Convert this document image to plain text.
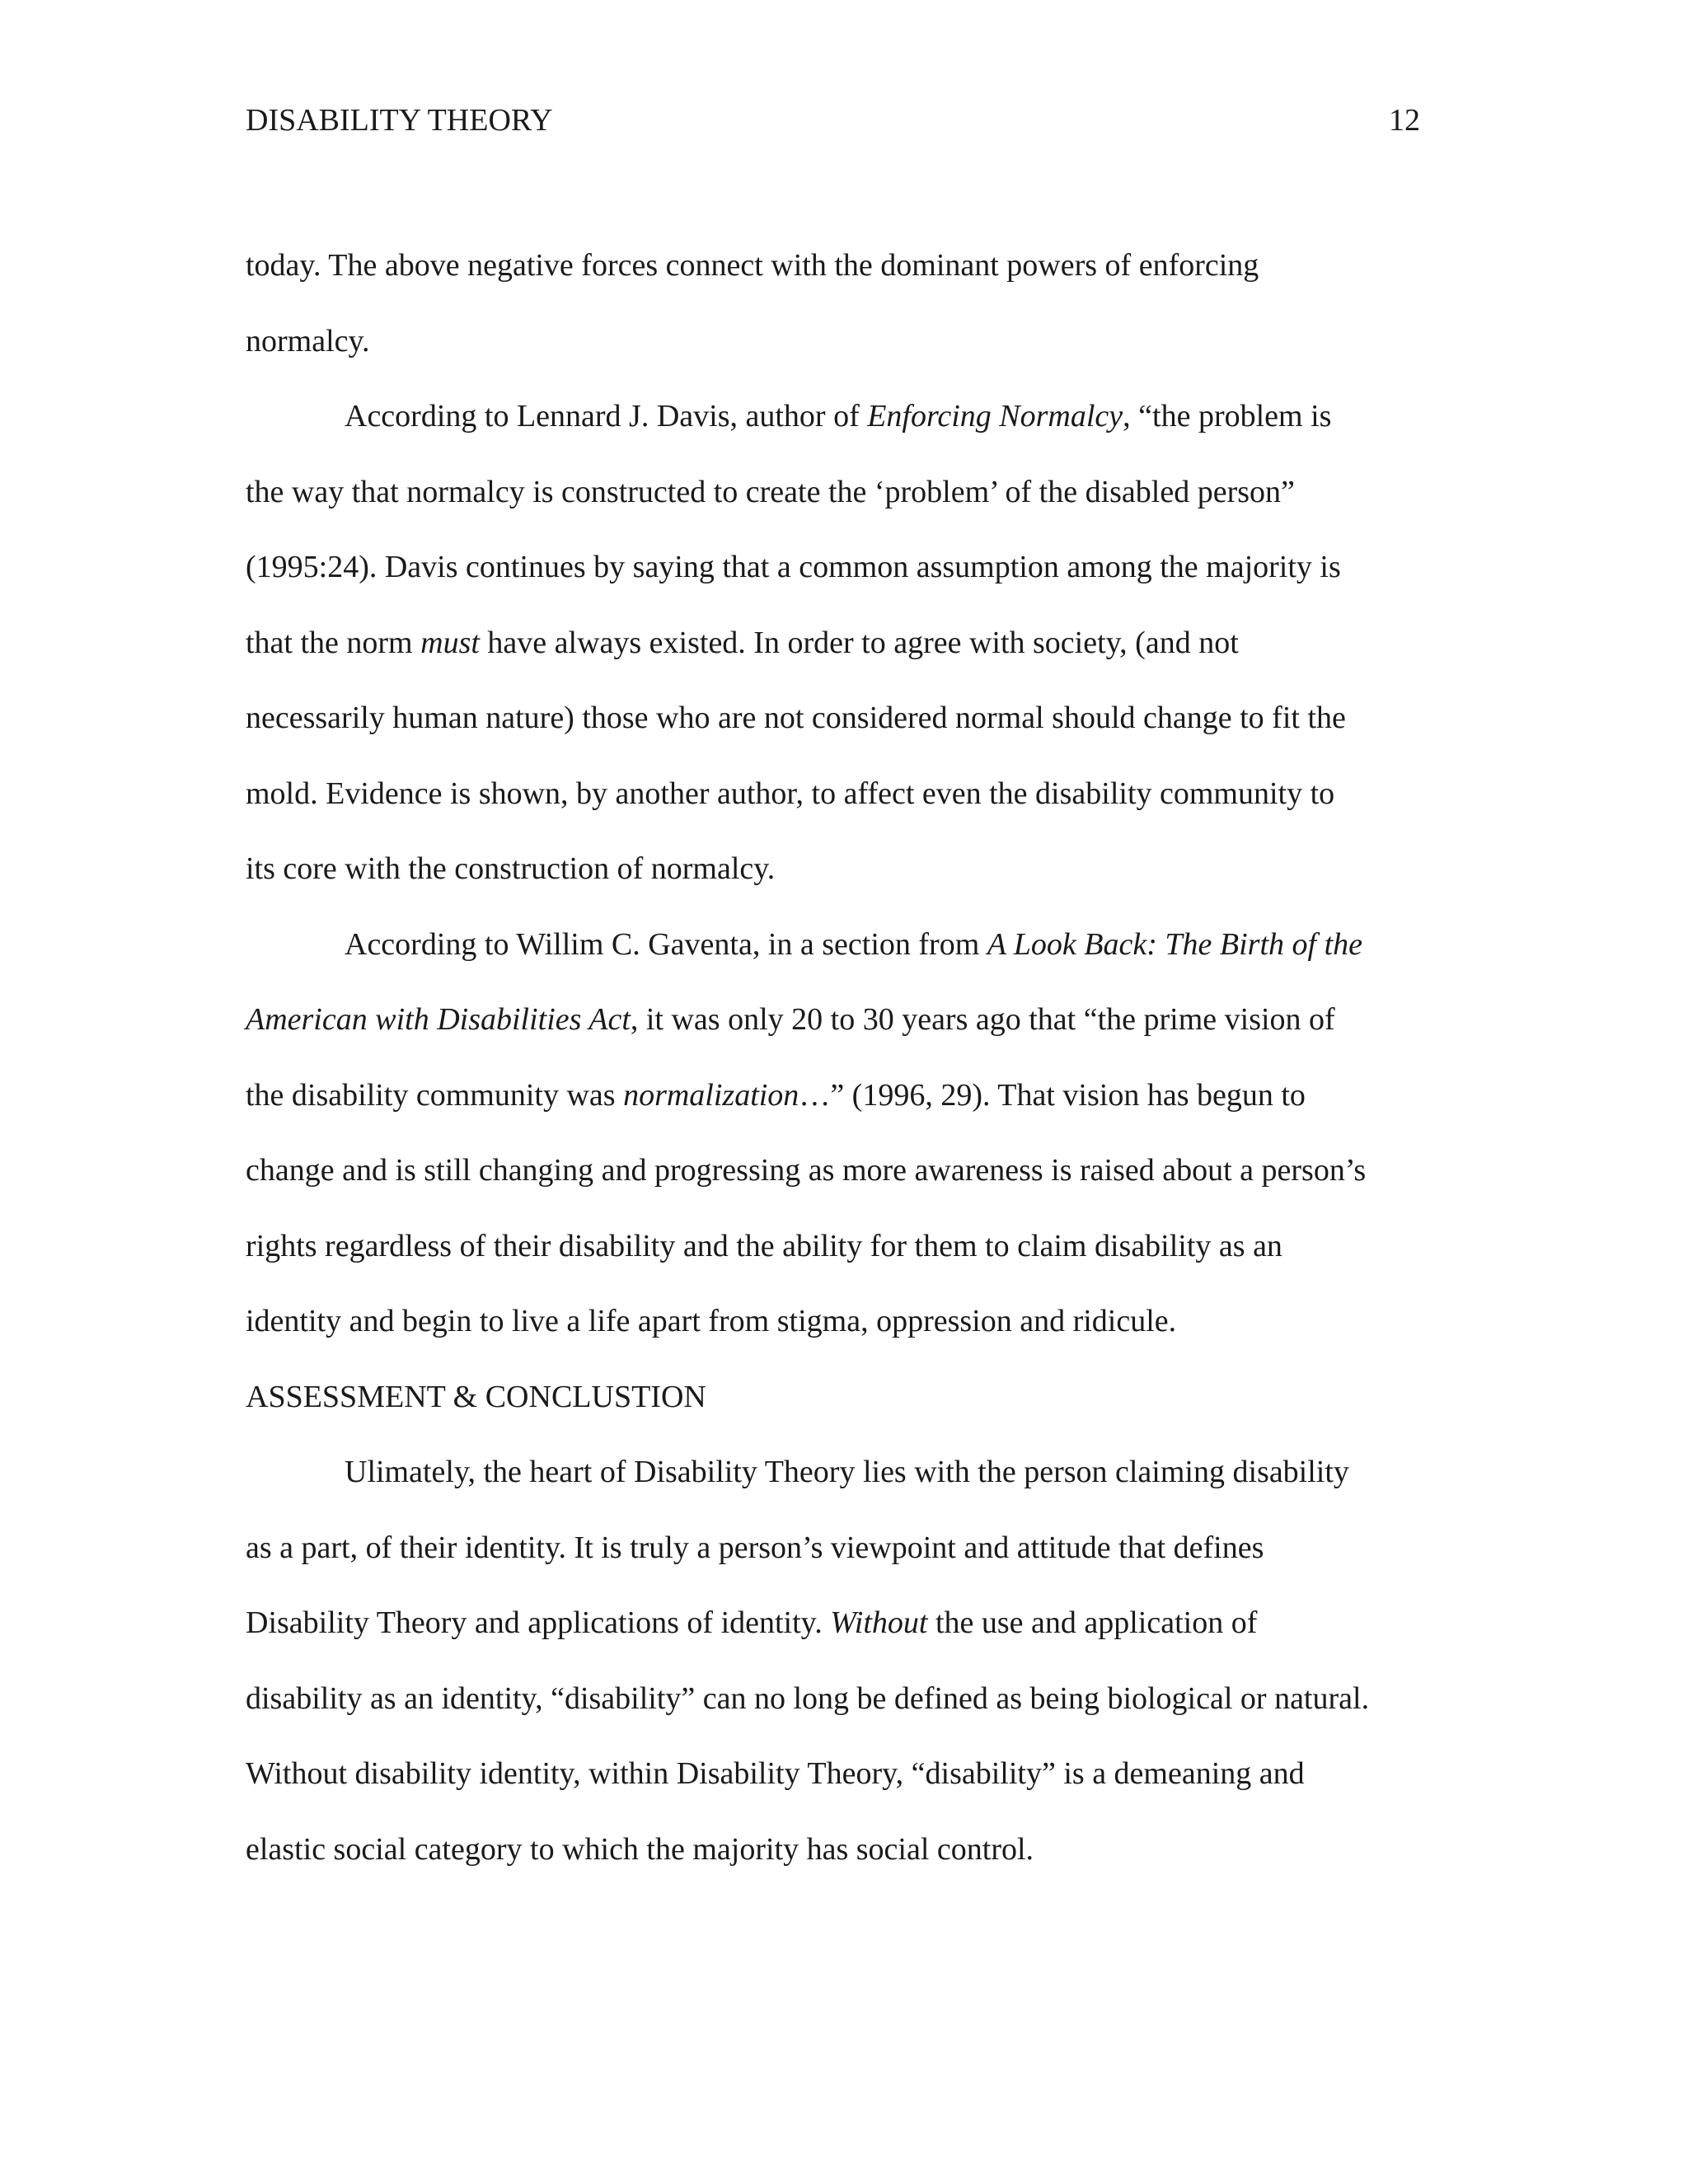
DISABILITY THEORY	12
today. The above negative forces connect with the dominant powers of enforcing
normalcy.
According to Lennard J. Davis, author of Enforcing Normalcy, “the problem is
the way that normalcy is constructed to create the ‘problem’ of the disabled person”
(1995:24). Davis continues by saying that a common assumption among the majority is
that the norm must have always existed. In order to agree with society, (and not
necessarily human nature) those who are not considered normal should change to fit the
mold. Evidence is shown, by another author, to affect even the disability community to
its core with the construction of normalcy.
According to Willim C. Gaventa, in a section from A Look Back: The Birth of the
American with Disabilities Act, it was only 20 to 30 years ago that “the prime vision of
the disability community was normalization…” (1996, 29). That vision has begun to
change and is still changing and progressing as more awareness is raised about a person’s
rights regardless of their disability and the ability for them to claim disability as an
identity and begin to live a life apart from stigma, oppression and ridicule.
ASSESSMENT & CONCLUSTION
Ulimately, the heart of Disability Theory lies with the person claiming disability
as a part, of their identity. It is truly a person’s viewpoint and attitude that defines
Disability Theory and applications of identity. Without the use and application of
disability as an identity, “disability” can no long be defined as being biological or natural.
Without disability identity, within Disability Theory, “disability” is a demeaning and
elastic social category to which the majority has social control.
